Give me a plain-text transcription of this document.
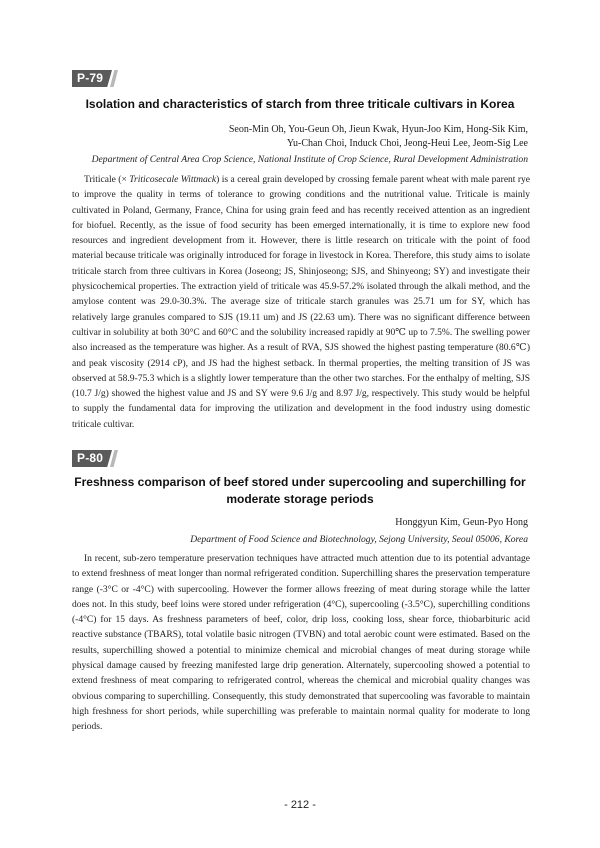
P-79
Isolation and characteristics of starch from three triticale cultivars in Korea
Seon-Min Oh, You-Geun Oh, Jieun Kwak, Hyun-Joo Kim, Hong-Sik Kim,
Yu-Chan Choi, Induck Choi, Jeong-Heui Lee, Jeom-Sig Lee
Department of Central Area Crop Science, National Institute of Crop Science, Rural Development Administration

Triticale (× Triticosecale Wittmack) is a cereal grain developed by crossing female parent wheat with male parent rye to improve the quality in terms of tolerance to growing conditions and the nutritional value. Triticale is mainly cultivated in Poland, Germany, France, China for using grain feed and has recently received attention as an ingredient for biofuel. Recently, as the issue of food security has been emerged internationally, it is time to explore new food resources and ingredient development from it. However, there is little research on triticale with the point of food material because triticale was originally introduced for forage in livestock in Korea. Therefore, this study aims to isolate triticale starch from three cultivars in Korea (Joseong; JS, Shinjoseong; SJS, and Shinyeong; SY) and investigate their physicochemical properties. The extraction yield of triticale was 45.9-57.2% isolated through the alkali method, and the amylose content was 29.0-30.3%. The average size of triticale starch granules was 25.71 um for SY, which has relatively large granules compared to SJS (19.11 um) and JS (22.63 um). There was no significant difference between cultivar in solubility at both 30°C and 60°C and the solubility increased rapidly at 90℃ up to 7.5%. The swelling power also increased as the temperature was higher. As a result of RVA, SJS showed the highest pasting temperature (80.6℃) and peak viscosity (2914 cP), and JS had the highest setback. In thermal properties, the melting transition of JS was observed at 58.9-75.3 which is a slightly lower temperature than the other two starches. For the enthalpy of melting, SJS (10.7 J/g) showed the highest value and JS and SY were 9.6 J/g and 8.97 J/g, respectively. This study would be helpful to supply the fundamental data for improving the utilization and development in the food industry using domestic triticale cultivar.

P-80
Freshness comparison of beef stored under supercooling and superchilling for
moderate storage periods
Honggyun Kim, Geun-Pyo Hong
Department of Food Science and Biotechnology, Sejong University, Seoul 05006, Korea

In recent, sub-zero temperature preservation techniques have attracted much attention due to its potential advantage to extend freshness of meat longer than normal refrigerated condition. Superchilling shares the preservation temperature range (-3°C or -4°C) with supercooling. However the former allows freezing of meat during storage while the latter does not. In this study, beef loins were stored under refrigeration (4°C), supercooling (-3.5°C), superchilling conditions (-4°C) for 15 days. As freshness parameters of beef, color, drip loss, cooking loss, shear force, thiobarbituric acid reactive substance (TBARS), total volatile basic nitrogen (TVBN) and total aerobic count were estimated. Based on the results, superchilling showed a potential to minimize chemical and microbial changes of meat during storage while physical damage caused by freezing manifested large drip generation. Alternately, supercooling showed a potential to extend freshness of meat comparing to refrigerated control, whereas the chemical and microbial quality changes was obvious comparing to superchilling. Consequently, this study demonstrated that supercooling was favorable to maintain high freshness for short periods, while superchilling was preferable to maintain normal quality for moderate to long periods.

- 212 -
